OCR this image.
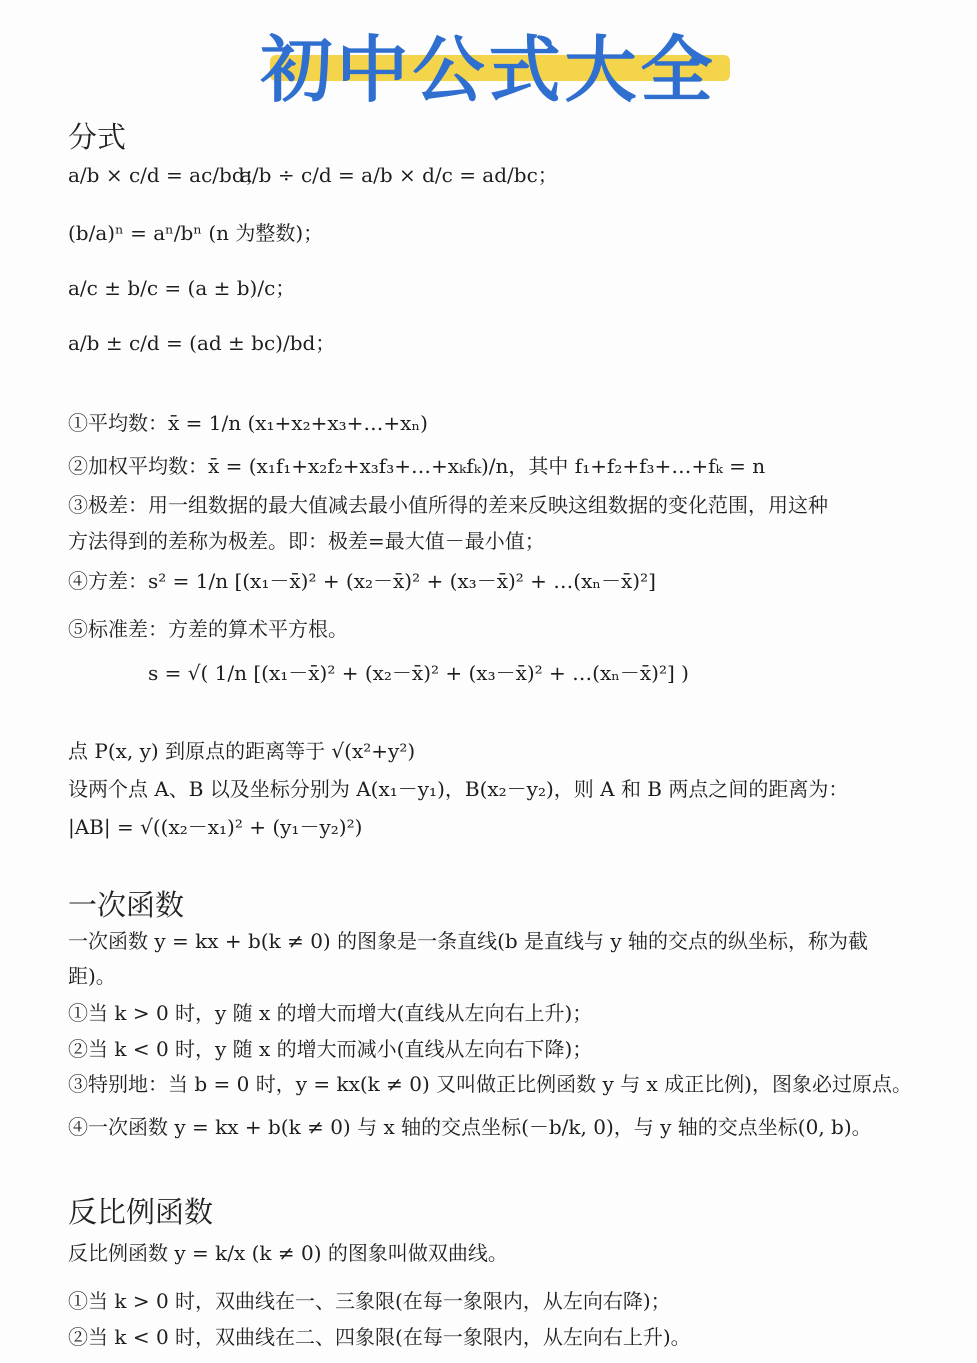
初中公式大全
分式
a/b × c/d = ac/bd；
a/b ÷ c/d = a/b × d/c = ad/bc；
(b/a)ⁿ = aⁿ/bⁿ (n 为整数)；
a/c ± b/c = (a ± b)/c；
a/b ± c/d = (ad ± bc)/bd；
①平均数：x̄ = 1/n (x₁+x₂+x₃+…+xₙ)
②加权平均数：x̄ = (x₁f₁+x₂f₂+x₃f₃+…+xₖfₖ)/n，其中 f₁+f₂+f₃+…+fₖ = n
③极差：用一组数据的最大值减去最小值所得的差来反映这组数据的变化范围，用这种
方法得到的差称为极差。即：极差=最大值－最小值；
④方差：s² = 1/n [(x₁－x̄)² + (x₂－x̄)² + (x₃－x̄)² + …(xₙ－x̄)²]
⑤标准差：方差的算术平方根。
s = √( 1/n [(x₁－x̄)² + (x₂－x̄)² + (x₃－x̄)² + …(xₙ－x̄)²] )
点 P(x, y) 到原点的距离等于 √(x²+y²)
设两个点 A、B 以及坐标分别为 A(x₁－y₁)，B(x₂－y₂)，则 A 和 B 两点之间的距离为：
|AB| = √((x₂－x₁)² + (y₁－y₂)²)
一次函数
一次函数 y = kx + b(k ≠ 0) 的图象是一条直线(b 是直线与 y 轴的交点的纵坐标，称为截
距)。
①当 k > 0 时，y 随 x 的增大而增大(直线从左向右上升)；
②当 k < 0 时，y 随 x 的增大而减小(直线从左向右下降)；
③特别地：当 b = 0 时，y = kx(k ≠ 0) 又叫做正比例函数 y 与 x 成正比例)，图象必过原点。
④一次函数 y = kx + b(k ≠ 0) 与 x 轴的交点坐标(－b/k, 0)，与 y 轴的交点坐标(0, b)。
反比例函数
反比例函数 y = k/x (k ≠ 0) 的图象叫做双曲线。
①当 k > 0 时，双曲线在一、三象限(在每一象限内，从左向右降)；
②当 k < 0 时，双曲线在二、四象限(在每一象限内，从左向右上升)。
